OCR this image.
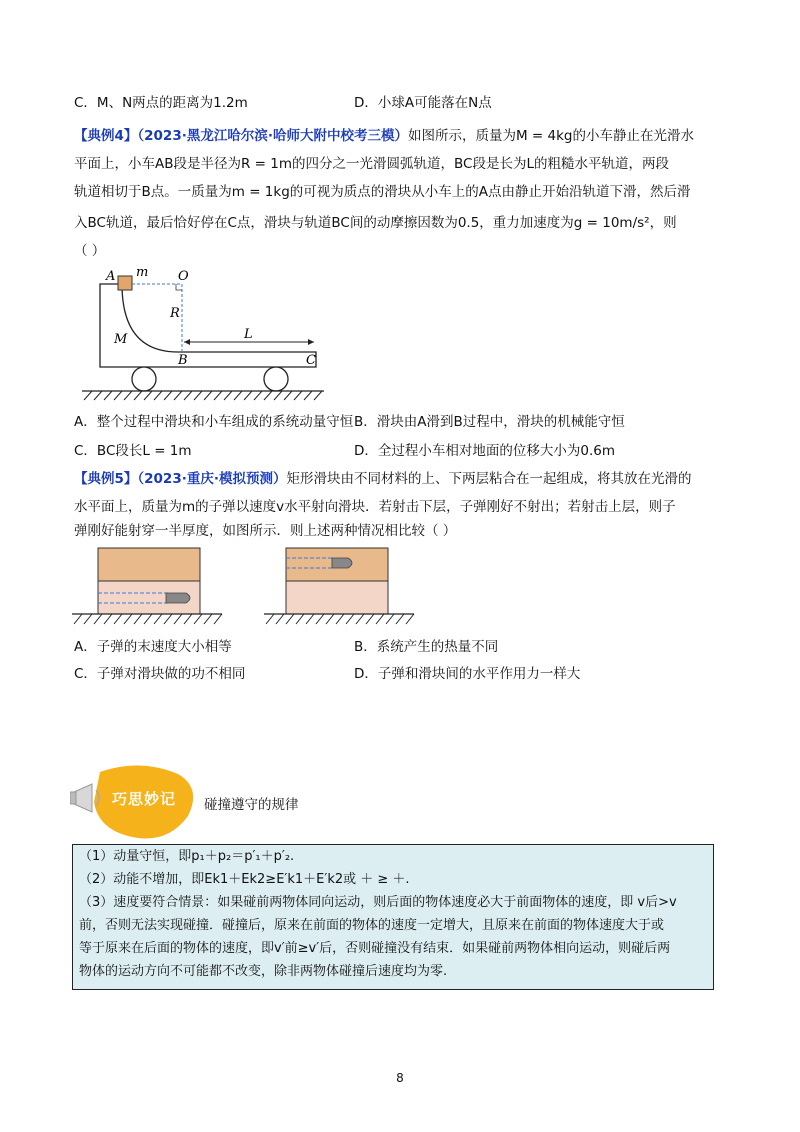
C．M、N两点的距离为1.2m	D．小球A可能落在N点
【典例4】（2023·黑龙江哈尔滨·哈师大附中校考三模）如图所示，质量为M = 4kg的小车静止在光滑水
平面上，小车AB段是半径为R = 1m的四分之一光滑圆弧轨道，BC段是长为L的粗糙水平轨道，两段
轨道相切于B点。一质量为m = 1kg的可视为质点的滑块从小车上的A点由静止开始沿轨道下滑，然后滑
入BC轨道，最后恰好停在C点，滑块与轨道BC间的动摩擦因数为0.5，重力加速度为g = 10m/s²，则
（ ）
A m O
R
M
B
L
C
A．整个过程中滑块和小车组成的系统动量守恒 B．滑块由A滑到B过程中，滑块的机械能守恒
C．BC段长L = 1m	D．全过程小车相对地面的位移大小为0.6m
【典例5】（2023·重庆·模拟预测）矩形滑块由不同材料的上、下两层粘合在一起组成，将其放在光滑的
水平面上，质量为m的子弹以速度v水平射向滑块．若射击下层，子弹刚好不射出；若射击上层，则子
弹刚好能射穿一半厚度，如图所示．则上述两种情况相比较（ ）
A．子弹的末速度大小相等	B．系统产生的热量不同
C．子弹对滑块做的功不相同	D．子弹和滑块间的水平作用力一样大
巧思妙记 碰撞遵守的规律
（1）动量守恒，即p₁＋p₂＝p′₁＋p′₂.
（2）动能不增加，即Ek1＋Ek2≥E′k1＋E′k2或 ＋ ≥ ＋.
（3）速度要符合情景：如果碰前两物体同向运动，则后面的物体速度必大于前面物体的速度，即 v后>v
前，否则无法实现碰撞．碰撞后，原来在前面的物体的速度一定增大，且原来在前面的物体速度大于或
等于原来在后面的物体的速度，即v′前≥v′后，否则碰撞没有结束．如果碰前两物体相向运动，则碰后两
物体的运动方向不可能都不改变，除非两物体碰撞后速度均为零.
8
